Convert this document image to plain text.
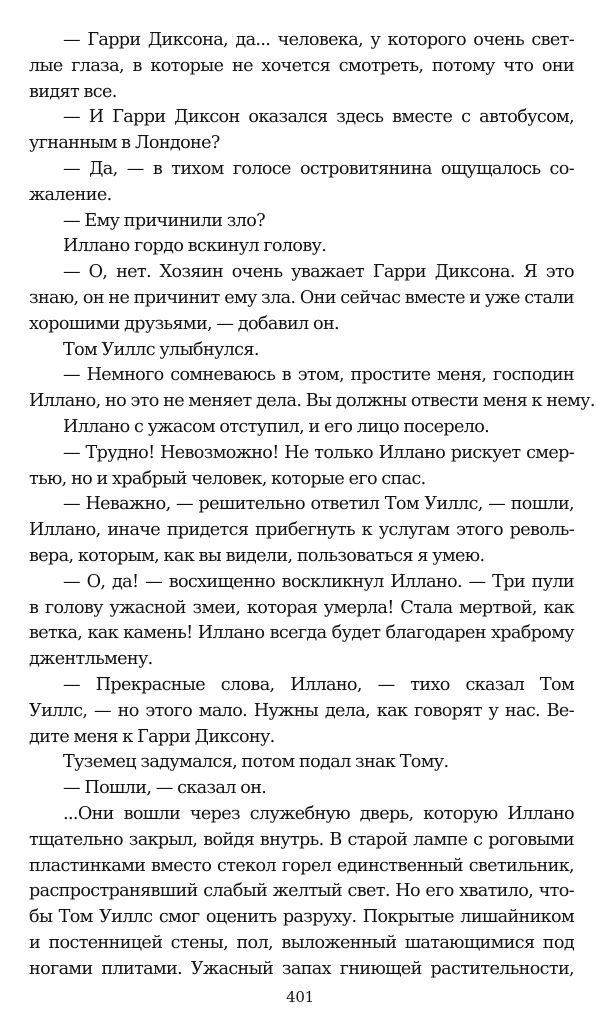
— Гарри Диксона, да... человека, у которого очень свет-
лые глаза, в которые не хочется смотреть, потому что они
видят все.
— И Гарри Диксон оказался здесь вместе с автобусом,
угнанным в Лондоне?
— Да, — в тихом голосе островитянина ощущалось со-
жаление.
— Ему причинили зло?
Иллано гордо вскинул голову.
— О, нет. Хозяин очень уважает Гарри Диксона. Я это
знаю, он не причинит ему зла. Они сейчас вместе и уже стали
хорошими друзьями, — добавил он.
Том Уиллс улыбнулся.
— Немного сомневаюсь в этом, простите меня, господин
Иллано, но это не меняет дела. Вы должны отвести меня к нему.
Иллано с ужасом отступил, и его лицо посерело.
— Трудно! Невозможно! Не только Иллано рискует смер-
тью, но и храбрый человек, которые его спас.
— Неважно, — решительно ответил Том Уиллс, — пошли,
Иллано, иначе придется прибегнуть к услугам этого револь-
вера, которым, как вы видели, пользоваться я умею.
— О, да! — восхищенно воскликнул Иллано. — Три пули
в голову ужасной змеи, которая умерла! Стала мертвой, как
ветка, как камень! Иллано всегда будет благодарен храброму
джентльмену.
— Прекрасные слова, Иллано, — тихо сказал Том
Уиллс, — но этого мало. Нужны дела, как говорят у нас. Ве-
дите меня к Гарри Диксону.
Туземец задумался, потом подал знак Тому.
— Пошли, — сказал он.
...Они вошли через служебную дверь, которую Иллано
тщательно закрыл, войдя внутрь. В старой лампе с роговыми
пластинками вместо стекол горел единственный светильник,
распространявший слабый желтый свет. Но его хватило, что-
бы Том Уиллс смог оценить разруху. Покрытые лишайником
и постенницей стены, пол, выложенный шатающимися под
ногами плитами. Ужасный запах гниющей растительности,
401
